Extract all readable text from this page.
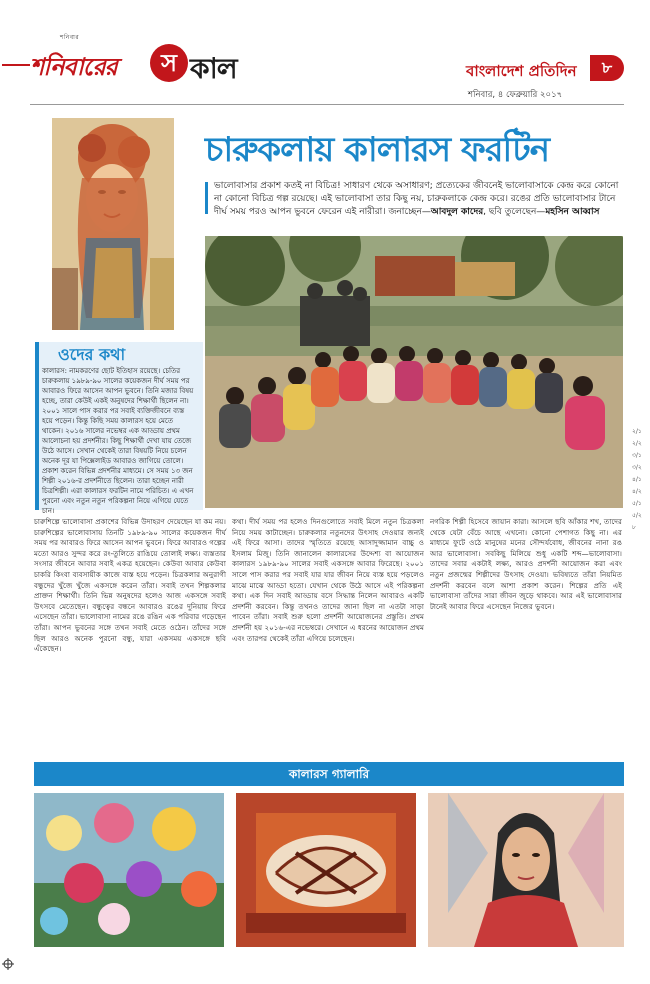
শনিবার
শনিবারের	স কাল	বাংলাদেশ প্রতিদিন	৮
শনিবার, ৪ ফেব্রুয়ারি ২০১৭
চারুকলায় কালারস ফরটিন
ভালোবাসার প্রকাশ কতই না বিচিত্র! সাধারণ থেকে অসাধারণ; প্রত্যেকের জীবনেই ভালোবাসাকে কেন্দ্র করে কোনো না কোনো বিচিত্র গল্প রয়েছে। এই ভালোবাসা তার কিছু নয়, চারুকলাকে কেন্দ্র করে। রঙের প্রতি ভালোবাসার টানে দীর্ঘ সময় পরও আপন ভুবনে ফেরেন এই নারীরা। জনাচ্ছেন—আবদুল কাদের, ছবি তুলেছেন—মহসিন আব্বাস
ওদের কথা
কালারস: নামকরণের ছোট ইতিহাস রয়েছে। চেতির চারুকলায় ১৯৮৯-৯০ সালের কয়েকজন দীর্ঘ সময় পর আবারও ফিরে আসেন আপন ভুবনে। তিনি মজার বিষয় হচ্ছে, তারা কেউই একই অনুষদের শিক্ষার্থী ছিলেন না। ২০০১ সালে পাস করার পর সবাই ব্যক্তিজীবনে ব্যস্ত হয়ে পড়েন। কিন্তু কিছি সময় কালারস হয়ে মেতে থাকেন। ২০১৬ সালের নভেম্বর এক আড্ডায় প্রথম আলোচনা হয় প্রদর্শনীর। কিছু শিক্ষার্থী দেখা যায় তেজে উঠে আসে। সেখান থেকেই তারা বিষয়টি নিয়ে চলেন অনেক দূর যা পিক্সেলাইড আবারও জাগিয়ে তোলে। প্রকাশ করেন বিভিন্ন প্রদর্শনীর মাধ্যমে। সে সময় ১৩ জন শিল্পী ২০১৬-র প্রদর্শনীতে ছিলেন। তারা হচ্ছেন নারী চিত্রশিল্পী। এরা কালারস ফরটিন নামে পরিচিত। এ এখন পুরনো এবং নতুন নতুন পরিকল্পনা নিয়ে এগিয়ে যেতে চান।
২/১
২/২
৩/১
৩/২
৪/১
৪/২
৫/১
৫/২
৮
চারুশিল্পে ভালোবাসা প্রকাশের বিভিন্ন উদাহরণ দেয়েছেন যা কম নয়। চারুশিল্পের ভালোবাসায় তিনটি ১৯৮৯-৯০ সালের কয়েকজন দীর্ঘ সময় পর আবারও ফিরে আসেন আপন ভুবনে। ফিরে আবারও গল্পের মতো আরও সুন্দর করে রং-তুলিতে রাঙিয়ে তোলাই লক্ষ্য। ব্যস্ততার সংসার জীবনে আবার সবাই একত্র হয়েছেন। কেউবা আবার কেউবা চাকরি কিংবা ব্যবসায়ীক কাজে ব্যস্ত হয়ে পড়েন। চিত্রকলার অনুরাগী বন্ধুদের খুঁজে খুঁজে একসঙ্গে করেন তাঁরা। সবাই তখন শিল্পকলার প্রাক্তন শিক্ষার্থী। তিনি ভিন্ন অনুষদের হলেও আজ একসঙ্গে সবাই উৎসবে মেতেছেন। বন্ধুত্বের বন্ধনে আবারও রঙের দুনিয়ায় ফিরে এসেছেন তাঁরা। ভালোবাসা নামের রঙে রঙিন এক পরিবার গড়েছেন তাঁরা। আপন ভুবনের সঙ্গে তখন সবাই মেতে ওঠেন। তাঁদের সঙ্গে ছিল আরও অনেক পুরনো বন্ধু, যারা একসময় একসঙ্গে ছবি এঁকেছেন।
কথা। দীর্ঘ সময় পর হলেও দিনগুলোতে সবাই মিলে নতুন চিত্রকলা নিয়ে সময় কাটাচ্ছেন। চারুকলার নতুনদের উৎসাহ দেওয়ার জন্যই এই ফিরে আসা। তাদের স্মৃতিতে রয়েছে আসাদুজ্জামান বাচ্চু ও ইসলাম মিজু। তিনি জানালেন কালারসের উদ্দেশ্য বা আয়োজন কালারস ১৯৮৯-৯০ সালের সবাই একসঙ্গে আবার ফিরেছে। ২০০১ সালে পাস করার পর সবাই যার যার জীবন নিয়ে ব্যস্ত হয়ে পড়লেও মাঝে মাঝে আড্ডা হতো। যেখান থেকে উঠে আসে এই পরিকল্পনা কথা। এক দিন সবাই আড্ডায় বসে সিদ্ধান্ত নিলেন আবারও একটি প্রদর্শনী করবেন। কিন্তু তখনও তাদের জানা ছিল না এতটা সাড়া পাবেন তাঁরা। সবাই শুরু হলো প্রদর্শনী আয়োজনের প্রস্তুতি। প্রথম প্রদর্শনী হয় ২০১৬-এর নভেম্বরে। সেখানে এ ধরনের আয়োজন প্রথম এবং তারপর থেকেই তাঁরা এগিয়ে চলেছেন।
নগরিক শিল্পী হিসেবে জায়ান কারা। আসলে ছবি আঁকার শখ, তাদের থেকে যেটা বেঁচে আছে এখনো। কোনো পেশাগত কিছু না। এর মাধ্যমে ফুটে ওঠে মানুষের মনের সৌন্দর্যবোধ, জীবনের নানা রঙ আর ভালোবাসা। সবকিছু মিলিয়ে শুধু একটি শব্দ—ভালোবাসা। তাদের সবার একটাই লক্ষ্য, আরও প্রদর্শনী আয়োজন করা এবং নতুন প্রজন্মের শিল্পীদের উৎসাহ দেওয়া। ভবিষ্যতে তাঁরা নিয়মিত প্রদর্শনী করবেন বলে আশা প্রকাশ করেন। শিল্পের প্রতি এই ভালোবাসা তাঁদের সারা জীবন জুড়ে থাকবে। আর এই ভালোবাসার টানেই আবার ফিরে এসেছেন নিজের ভুবনে।
কালারস গ্যালারি
